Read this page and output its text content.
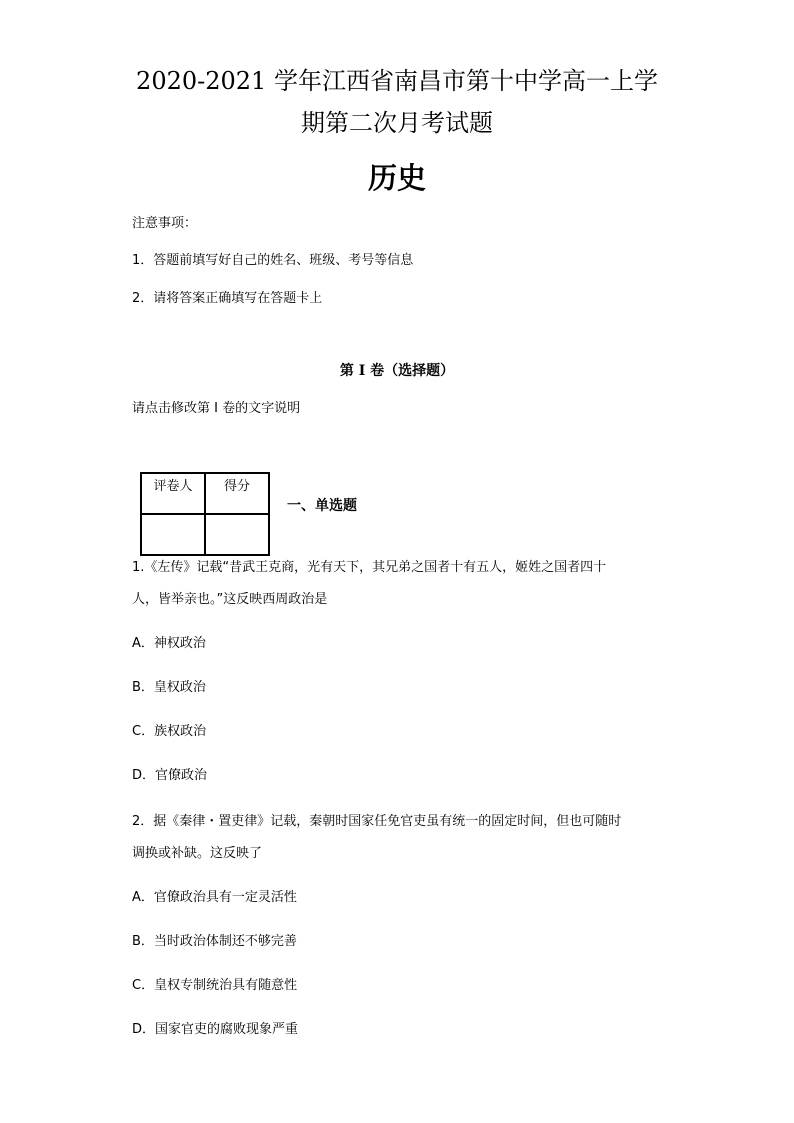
2020-2021 学年江西省南昌市第十中学高一上学
期第二次月考试题
历史
注意事项：
1．答题前填写好自己的姓名、班级、考号等信息
2．请将答案正确填写在答题卡上
第 I 卷（选择题）
请点击修改第 I 卷的文字说明
评卷人	得分

一、单选题
1.《左传》记载“昔武王克商，光有天下，其兄弟之国者十有五人，姬姓之国者四十
人，皆举亲也。”这反映西周政治是
A．神权政治
B．皇权政治
C．族权政治
D．官僚政治
2．据《秦律・置吏律》记载，秦朝时国家任免官吏虽有统一的固定时间，但也可随时
调换或补缺。这反映了
A．官僚政治具有一定灵活性
B．当时政治体制还不够完善
C．皇权专制统治具有随意性
D．国家官吏的腐败现象严重
